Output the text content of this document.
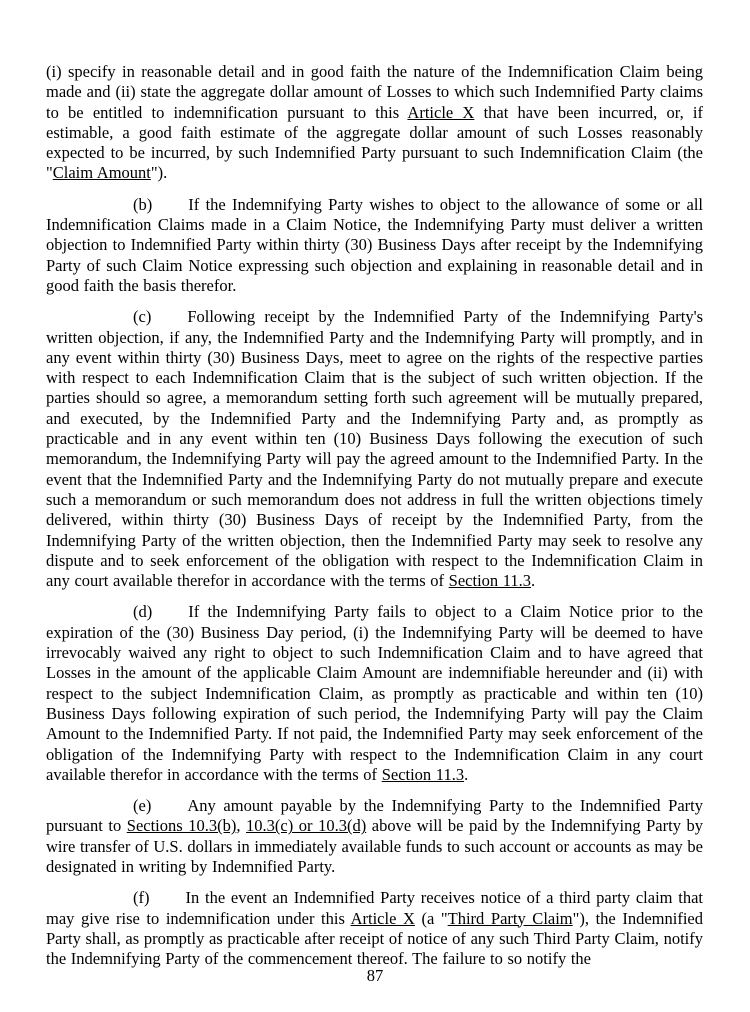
(i) specify in reasonable detail and in good faith the nature of the Indemnification Claim being made and (ii) state the aggregate dollar amount of Losses to which such Indemnified Party claims to be entitled to indemnification pursuant to this Article X that have been incurred, or, if estimable, a good faith estimate of the aggregate dollar amount of such Losses reasonably expected to be incurred, by such Indemnified Party pursuant to such Indemnification Claim (the "Claim Amount").

(b) If the Indemnifying Party wishes to object to the allowance of some or all Indemnification Claims made in a Claim Notice, the Indemnifying Party must deliver a written objection to Indemnified Party within thirty (30) Business Days after receipt by the Indemnifying Party of such Claim Notice expressing such objection and explaining in reasonable detail and in good faith the basis therefor.

(c) Following receipt by the Indemnified Party of the Indemnifying Party's written objection, if any, the Indemnified Party and the Indemnifying Party will promptly, and in any event within thirty (30) Business Days, meet to agree on the rights of the respective parties with respect to each Indemnification Claim that is the subject of such written objection. If the parties should so agree, a memorandum setting forth such agreement will be mutually prepared, and executed, by the Indemnified Party and the Indemnifying Party and, as promptly as practicable and in any event within ten (10) Business Days following the execution of such memorandum, the Indemnifying Party will pay the agreed amount to the Indemnified Party. In the event that the Indemnified Party and the Indemnifying Party do not mutually prepare and execute such a memorandum or such memorandum does not address in full the written objections timely delivered, within thirty (30) Business Days of receipt by the Indemnified Party, from the Indemnifying Party of the written objection, then the Indemnified Party may seek to resolve any dispute and to seek enforcement of the obligation with respect to the Indemnification Claim in any court available therefor in accordance with the terms of Section 11.3.

(d) If the Indemnifying Party fails to object to a Claim Notice prior to the expiration of the (30) Business Day period, (i) the Indemnifying Party will be deemed to have irrevocably waived any right to object to such Indemnification Claim and to have agreed that Losses in the amount of the applicable Claim Amount are indemnifiable hereunder and (ii) with respect to the subject Indemnification Claim, as promptly as practicable and within ten (10) Business Days following expiration of such period, the Indemnifying Party will pay the Claim Amount to the Indemnified Party. If not paid, the Indemnified Party may seek enforcement of the obligation of the Indemnifying Party with respect to the Indemnification Claim in any court available therefor in accordance with the terms of Section 11.3.

(e) Any amount payable by the Indemnifying Party to the Indemnified Party pursuant to Sections 10.3(b), 10.3(c) or 10.3(d) above will be paid by the Indemnifying Party by wire transfer of U.S. dollars in immediately available funds to such account or accounts as may be designated in writing by Indemnified Party.

(f) In the event an Indemnified Party receives notice of a third party claim that may give rise to indemnification under this Article X (a "Third Party Claim"), the Indemnified Party shall, as promptly as practicable after receipt of notice of any such Third Party Claim, notify the Indemnifying Party of the commencement thereof. The failure to so notify the

87
